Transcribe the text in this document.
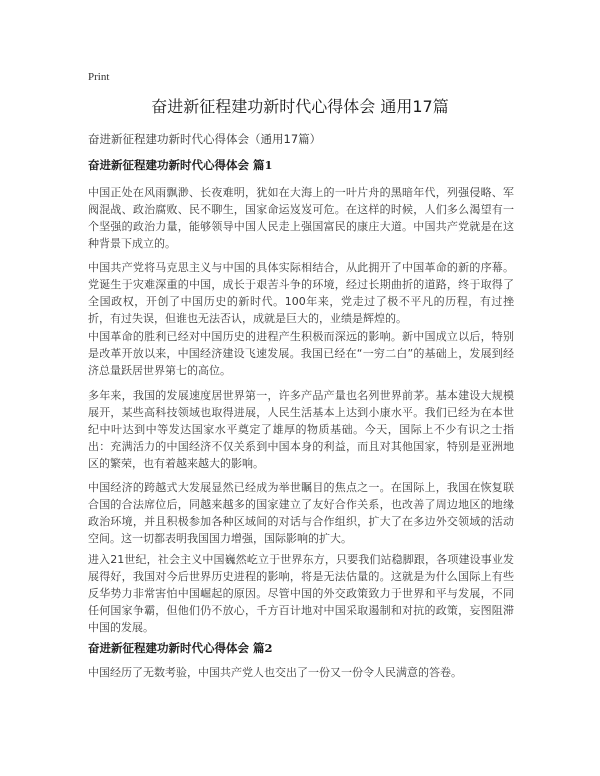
Print
奋进新征程建功新时代心得体会 通用17篇
奋进新征程建功新时代心得体会（通用17篇）
奋进新征程建功新时代心得体会 篇1

中国正处在风雨飘渺、长夜难明，犹如在大海上的一叶片舟的黑暗年代，列强侵略、军阀混战、政治腐败、民不聊生，国家命运岌岌可危。在这样的时候，人们多么渴望有一个坚强的政治力量，能够领导中国人民走上强国富民的康庄大道。中国共产党就是在这种背景下成立的。

中国共产党将马克思主义与中国的具体实际相结合，从此拥开了中国革命的新的序幕。党诞生于灾难深重的中国，成长于艰苦斗争的环境，经过长期曲折的道路，终于取得了全国政权，开创了中国历史的新时代。100年来，党走过了极不平凡的历程，有过挫折，有过失误，但谁也无法否认，成就是巨大的，业绩是辉煌的。

中国革命的胜利已经对中国历史的进程产生积极而深远的影响。新中国成立以后，特别是改革开放以来，中国经济建设飞速发展。我国已经在“一穷二白”的基础上，发展到经济总量跃居世界第七的高位。

多年来，我国的发展速度居世界第一，许多产品产量也名列世界前茅。基本建设大规模展开，某些高科技领域也取得进展，人民生活基本上达到小康水平。我们已经为在本世纪中叶达到中等发达国家水平奠定了雄厚的物质基础。今天，国际上不少有识之士指出：充满活力的中国经济不仅关系到中国本身的利益，而且对其他国家，特别是亚洲地区的繁荣，也有着越来越大的影响。

中国经济的跨越式大发展显然已经成为举世瞩目的焦点之一。在国际上，我国在恢复联合国的合法席位后，同越来越多的国家建立了友好合作关系，也改善了周边地区的地缘政治环境，并且积极参加各种区域间的对话与合作组织，扩大了在多边外交领域的活动空间。这一切都表明我国国力增强，国际影响的扩大。

进入21世纪，社会主义中国巍然屹立于世界东方，只要我们站稳脚跟，各项建设事业发展得好，我国对今后世界历史进程的影响，将是无法估量的。这就是为什么国际上有些反华势力非常害怕中国崛起的原因。尽管中国的外交政策致力于世界和平与发展，不同任何国家争霸，但他们仍不放心，千方百计地对中国采取遏制和对抗的政策，妄图阻滞中国的发展。

奋进新征程建功新时代心得体会 篇2

中国经历了无数考验，中国共产党人也交出了一份又一份令人民满意的答卷。
